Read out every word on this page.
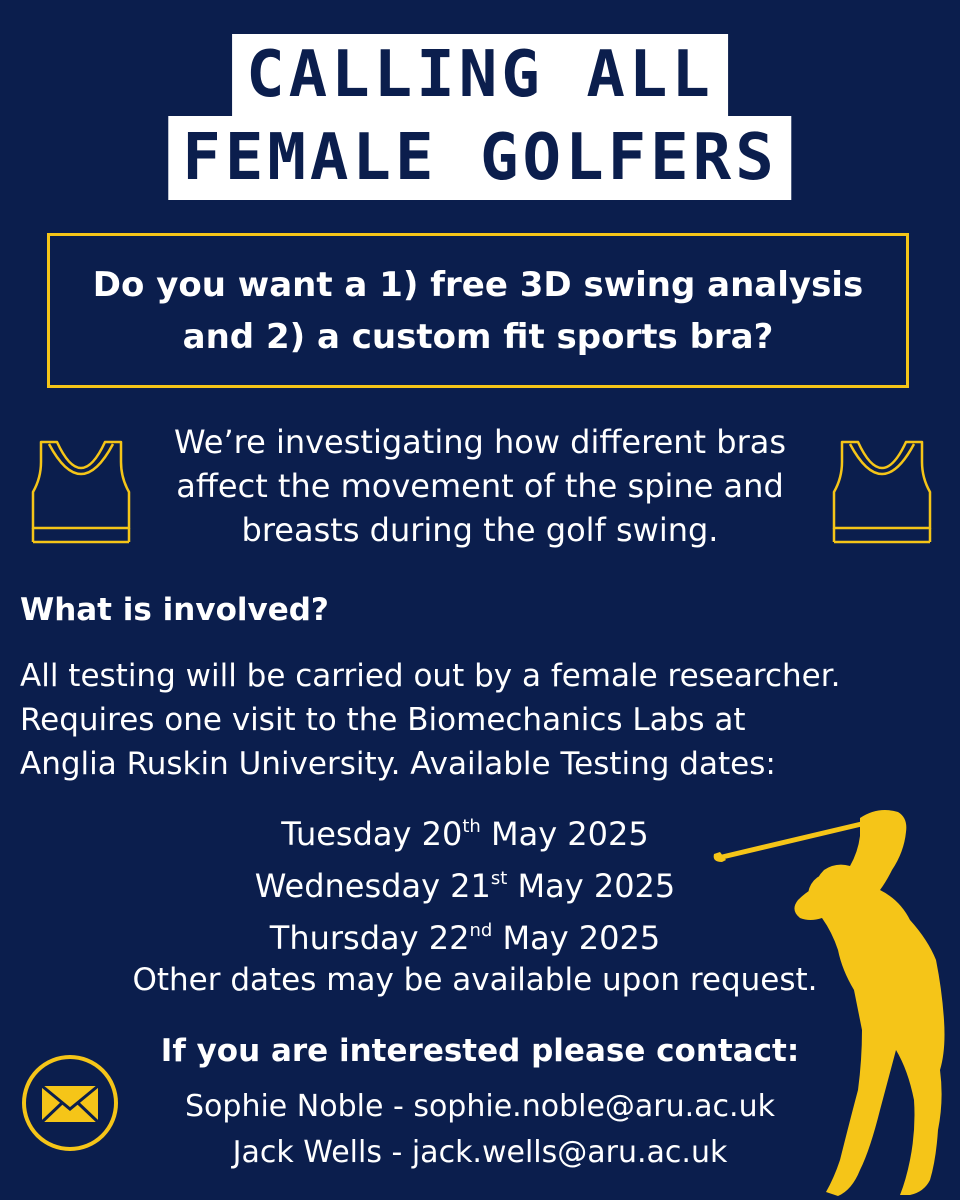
CALLING ALL
FEMALE GOLFERS

Do you want a 1) free 3D swing analysis
and 2) a custom fit sports bra?

We’re investigating how different bras
affect the movement of the spine and
breasts during the golf swing.

What is involved?

All testing will be carried out by a female researcher.
Requires one visit to the Biomechanics Labs at
Anglia Ruskin University. Available Testing dates:

Tuesday 20th May 2025
Wednesday 21st May 2025
Thursday 22nd May 2025

Other dates may be available upon request.

If you are interested please contact:

Sophie Noble - sophie.noble@aru.ac.uk
Jack Wells - jack.wells@aru.ac.uk
